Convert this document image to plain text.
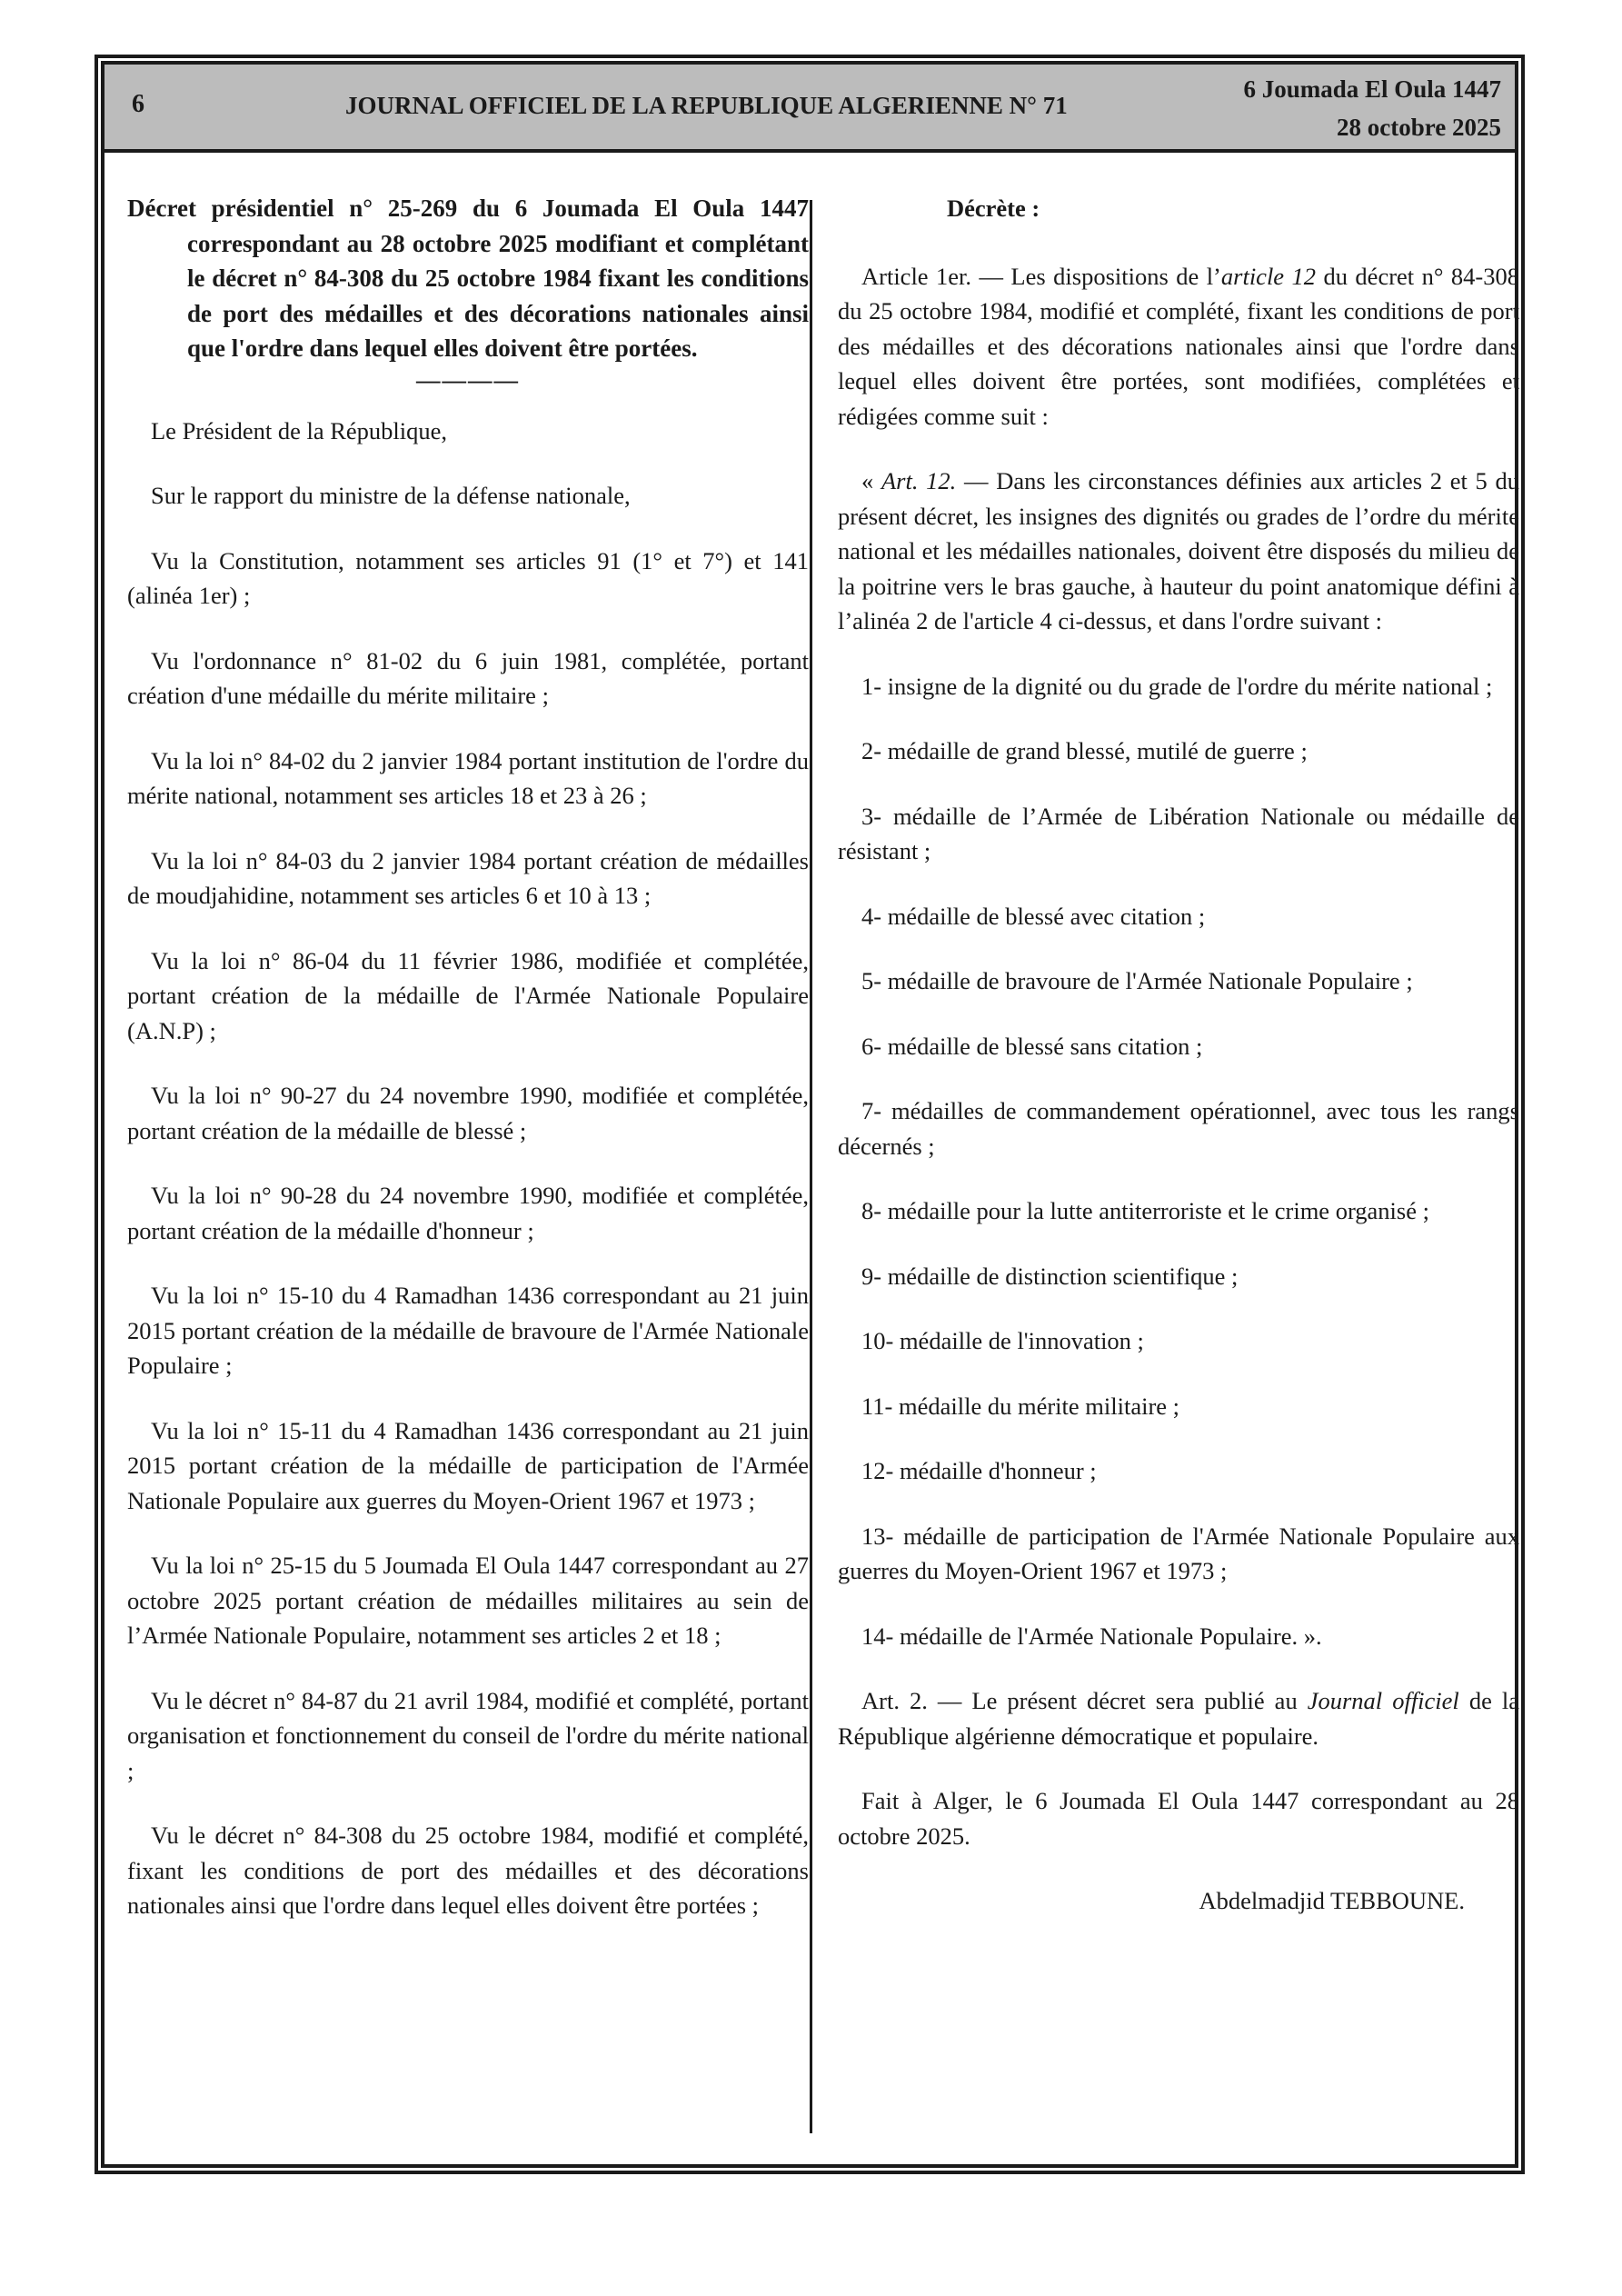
6	JOURNAL OFFICIEL DE LA REPUBLIQUE ALGERIENNE N° 71
6 Joumada El Oula 1447
28 octobre 2025
Décret présidentiel n° 25-269 du 6 Joumada El Oula 1447 correspondant au 28 octobre 2025 modifiant et complétant le décret n° 84-308 du 25 octobre 1984 fixant les conditions de port des médailles et des décorations nationales ainsi que l'ordre dans lequel elles doivent être portées.
————

Le Président de la République,

Sur le rapport du ministre de la défense nationale,

Vu la Constitution, notamment ses articles 91 (1° et 7°) et 141 (alinéa 1er) ;

Vu l'ordonnance n° 81-02 du 6 juin 1981, complétée, portant création d'une médaille du mérite militaire ;

Vu la loi n° 84-02 du 2 janvier 1984 portant institution de l'ordre du mérite national, notamment ses articles 18 et 23 à 26 ;

Vu la loi n° 84-03 du 2 janvier 1984 portant création de médailles de moudjahidine, notamment ses articles 6 et 10 à 13 ;

Vu la loi n° 86-04 du 11 février 1986, modifiée et complétée, portant création de la médaille de l'Armée Nationale Populaire (A.N.P) ;

Vu la loi n° 90-27 du 24 novembre 1990, modifiée et complétée, portant création de la médaille de blessé ;

Vu la loi n° 90-28 du 24 novembre 1990, modifiée et complétée, portant création de la médaille d'honneur ;

Vu la loi n° 15-10 du 4 Ramadhan 1436 correspondant au 21 juin 2015 portant création de la médaille de bravoure de l'Armée Nationale Populaire ;

Vu la loi n° 15-11 du 4 Ramadhan 1436 correspondant au 21 juin 2015 portant création de la médaille de participation de l'Armée Nationale Populaire aux guerres du Moyen-Orient 1967 et 1973 ;

Vu la loi n° 25-15 du 5 Joumada El Oula 1447 correspondant au 27 octobre 2025 portant création de médailles militaires au sein de l’Armée Nationale Populaire, notamment ses articles 2 et 18 ;

Vu le décret n° 84-87 du 21 avril 1984, modifié et complété, portant organisation et fonctionnement du conseil de l'ordre du mérite national ;

Vu le décret n° 84-308 du 25 octobre 1984, modifié et complété, fixant les conditions de port des médailles et des décorations nationales ainsi que l'ordre dans lequel elles doivent être portées ;

Décrète :

Article 1er. — Les dispositions de l’article 12 du décret n° 84-308 du 25 octobre 1984, modifié et complété, fixant les conditions de port des médailles et des décorations nationales ainsi que l'ordre dans lequel elles doivent être portées, sont modifiées, complétées et rédigées comme suit :

« Art. 12. — Dans les circonstances définies aux articles 2 et 5 du présent décret, les insignes des dignités ou grades de l’ordre du mérite national et les médailles nationales, doivent être disposés du milieu de la poitrine vers le bras gauche, à hauteur du point anatomique défini à l’alinéa 2 de l'article 4 ci-dessus, et dans l'ordre suivant :

1- insigne de la dignité ou du grade de l'ordre du mérite national ;

2- médaille de grand blessé, mutilé de guerre ;

3- médaille de l’Armée de Libération Nationale ou médaille de résistant ;

4- médaille de blessé avec citation ;

5- médaille de bravoure de l'Armée Nationale Populaire ;

6- médaille de blessé sans citation ;

7- médailles de commandement opérationnel, avec tous les rangs décernés ;

8- médaille pour la lutte antiterroriste et le crime organisé ;

9- médaille de distinction scientifique ;

10- médaille de l'innovation ;

11- médaille du mérite militaire ;

12- médaille d'honneur ;

13- médaille de participation de l'Armée Nationale Populaire aux guerres du Moyen-Orient 1967 et 1973 ;

14- médaille de l'Armée Nationale Populaire. ».

Art. 2. — Le présent décret sera publié au Journal officiel de la République algérienne démocratique et populaire.

Fait à Alger, le 6 Joumada El Oula 1447 correspondant au 28 octobre 2025.

Abdelmadjid TEBBOUNE.
